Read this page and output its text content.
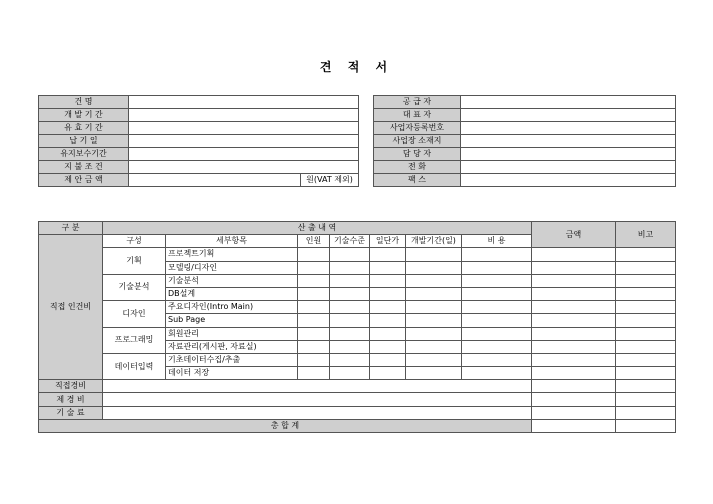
견 적 서
건 명		
개 발 기 간		
유 효 기 간		
납 기 일		
유지보수기간		
지 불 조 건		
제 안 금 액		원(VAT 제외)
공 급 자	
대 표 자	
사업자등록번호	
사업장 소재지	
담 당 자	
전 화	
팩 스	
구 분	산 출 내 역							금액	비고
직접 인건비	구성	세부항목	인원	기술수준	일단가	개발기간(일)	비 용		
	기획	프로젝트기획							
		모델링/디자인							
	기술분석	기술분석							
		DB설계							
	디자인	주요디자인(Intro Main)							
		Sub Page							
	프로그래밍	회원관리							
		자료관리(게시판, 자료실)							
	데이터입력	기초데이터수집/추출							
		데이터 저장							
직접경비									
제 경 비									
기 술 료									
총 합 계									
